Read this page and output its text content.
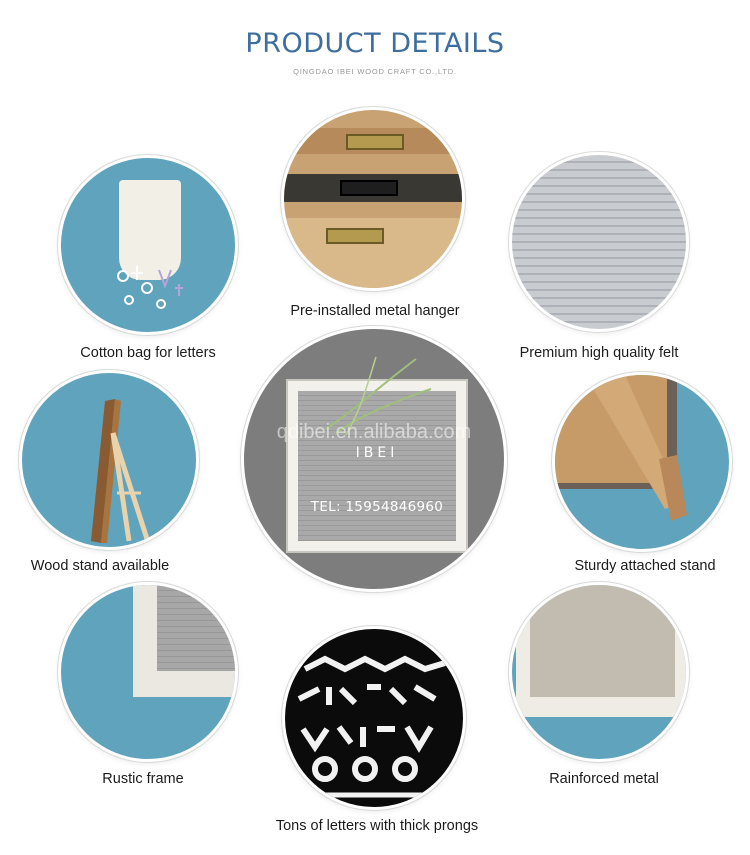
PRODUCT DETAILS
QINGDAO IBEI WOOD CRAFT CO.,LTD.
Pre-installed metal hanger
Cotton bag for letters	Premium high quality felt
IBEI
TEL: 15954846960
qdibei.en.alibaba.com
Wood stand available	Sturdy attached stand
Rustic frame
Tons of letters with thick prongs
Rainforced metal
